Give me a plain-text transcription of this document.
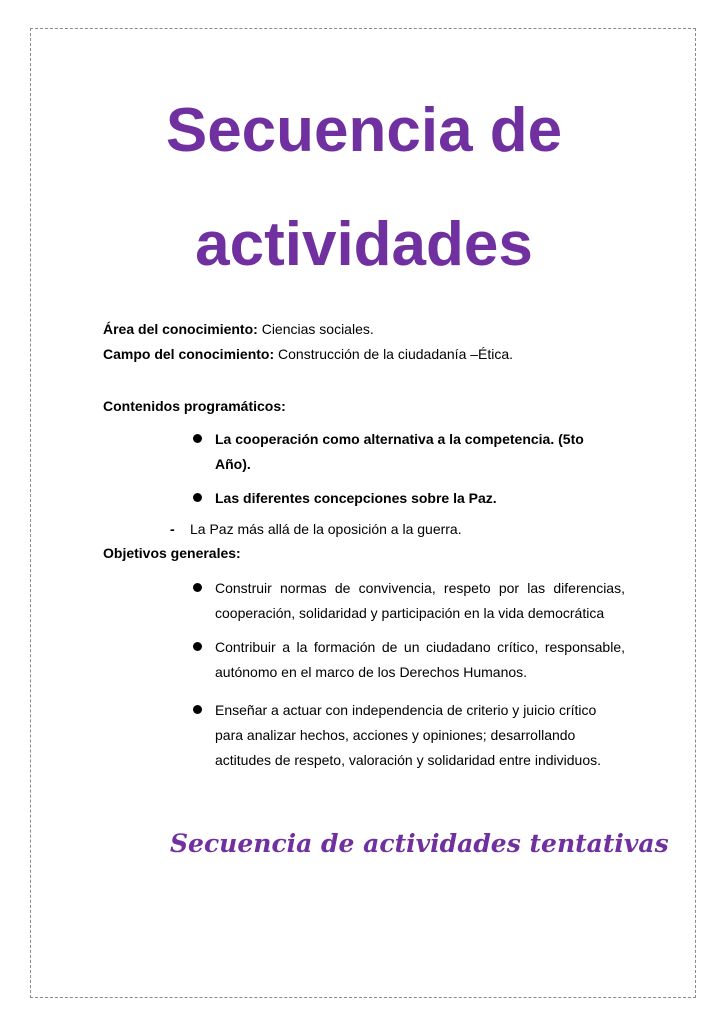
Secuencia de
actividades
Área del conocimiento: Ciencias sociales.
Campo del conocimiento: Construcción de la ciudadanía –Ética.
Contenidos programáticos:
La cooperación como alternativa a la competencia. (5to
Año).
Las diferentes concepciones sobre la Paz.
- La Paz más allá de la oposición a la guerra.
Objetivos generales:
Construir normas de convivencia, respeto por las diferencias,
cooperación, solidaridad y participación en la vida democrática
Contribuir a la formación de un ciudadano crítico, responsable,
autónomo en el marco de los Derechos Humanos.
Enseñar a actuar con independencia de criterio y juicio crítico
para analizar hechos, acciones y opiniones; desarrollando
actitudes de respeto, valoración y solidaridad entre individuos.
Secuencia de actividades tentativas
